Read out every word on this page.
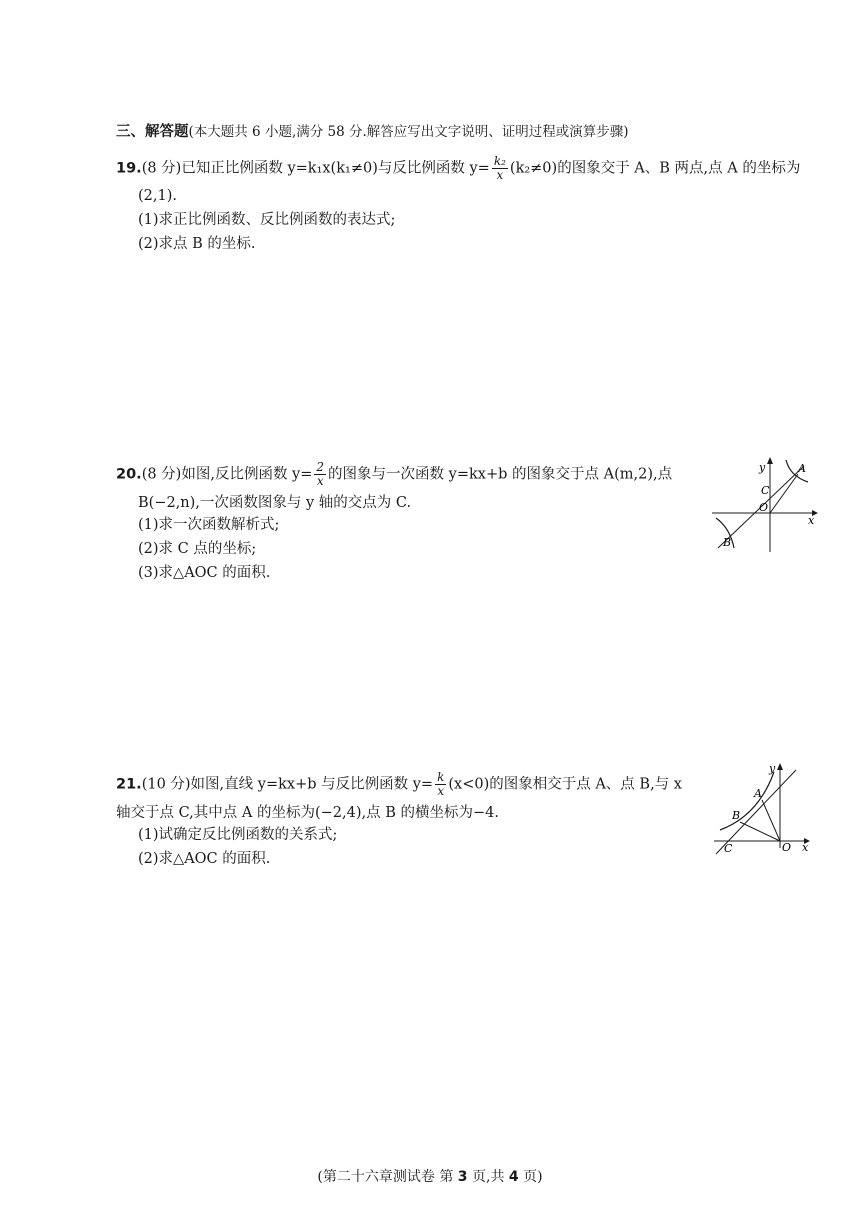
三、解答题(本大题共 6 小题,满分 58 分.解答应写出文字说明、证明过程或演算步骤)
19.(8 分)已知正比例函数 y=k₁x(k₁≠0)与反比例函数 $y= \frac{\text{k₂}}{x} (k_2\ne 0)$的图象交于 A、B 两点,点 A 的坐标为
(2,1).
(1)求正比例函数、反比例函数的表达式;
(2)求点 B 的坐标.
20.(8 分)如图,反比例函数 $y= \frac{2}{x}$ 的图象与一次函数 y=kx+b 的图象交于点 A(m,2),点
B(−2,n),一次函数图象与 y 轴的交点为 C.
(1)求一次函数解析式;
(2)求 C 点的坐标;
(3)求△AOC 的面积.
y
x
A
B
C
O
21.(10 分)如图,直线 y=kx+b 与反比例函数 $y= \frac{k}{x} (x<0)$的图象相交于点 A、点 B,与 x
轴交于点 C,其中点 A 的坐标为(−2,4),点 B 的横坐标为−4.
(1)试确定反比例函数的关系式;
(2)求△AOC 的面积.
y
x
A
B
C	O
(第二十六章测试卷 第 3 页,共 4 页)
